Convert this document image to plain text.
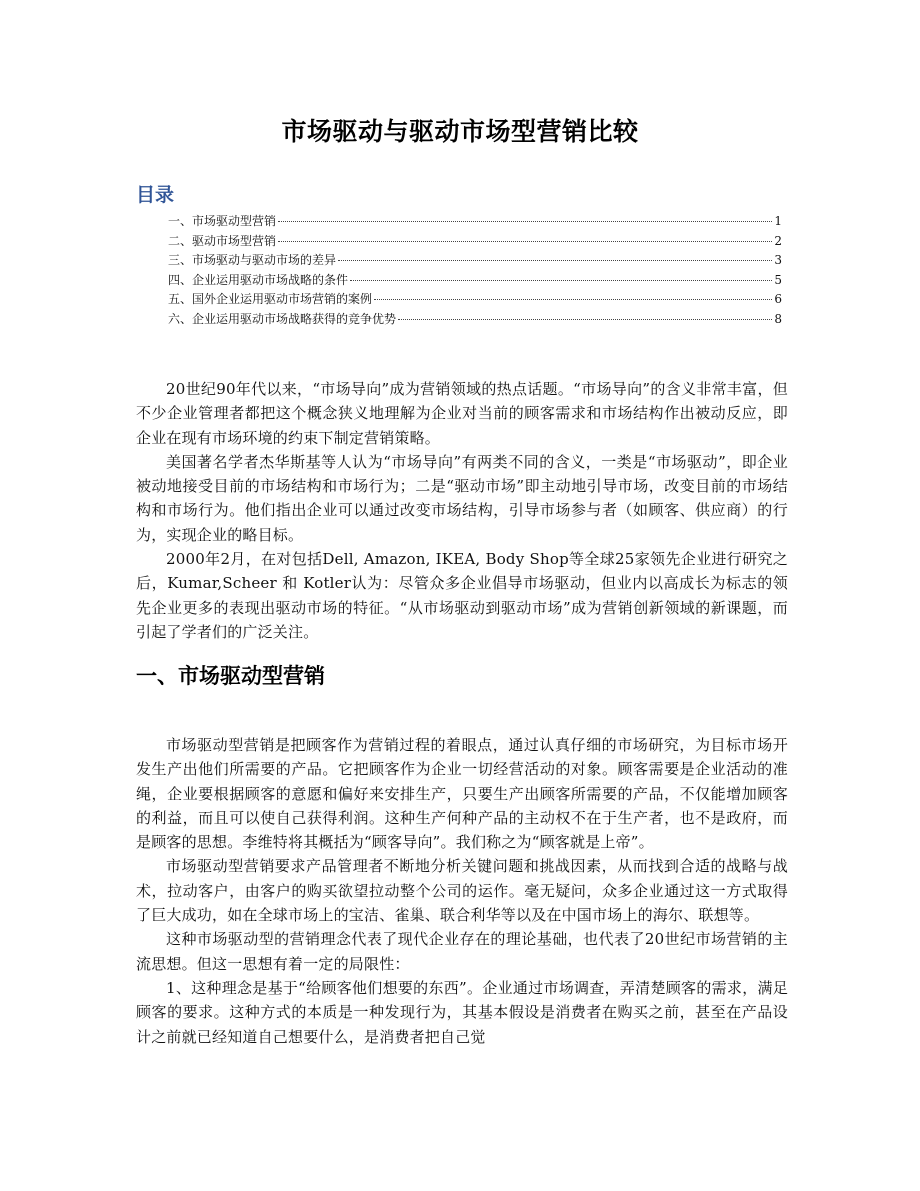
市场驱动与驱动市场型营销比较
目录
一、市场驱动型营销	1
二、驱动市场型营销	2
三、市场驱动与驱动市场的差异	3
四、企业运用驱动市场战略的条件	5
五、国外企业运用驱动市场营销的案例	6
六、企业运用驱动市场战略获得的竞争优势	8

20世纪90年代以来，“市场导向”成为营销领域的热点话题。“市场导向”的含义非常丰富，但不少企业管理者都把这个概念狭义地理解为企业对当前的顾客需求和市场结构作出被动反应，即企业在现有市场环境的约束下制定营销策略。

美国著名学者杰华斯基等人认为“市场导向”有两类不同的含义，一类是“市场驱动”，即企业被动地接受目前的市场结构和市场行为；二是“驱动市场”即主动地引导市场，改变目前的市场结构和市场行为。他们指出企业可以通过改变市场结构，引导市场参与者（如顾客、供应商）的行为，实现企业的略目标。

2000年2月，在对包括Dell, Amazon, IKEA, Body Shop等全球25家领先企业进行研究之后，Kumar,Scheer 和 Kotler认为：尽管众多企业倡导市场驱动，但业内以高成长为标志的领先企业更多的表现出驱动市场的特征。“从市场驱动到驱动市场”成为营销创新领域的新课题，而引起了学者们的广泛关注。

一、市场驱动型营销

市场驱动型营销是把顾客作为营销过程的着眼点，通过认真仔细的市场研究，为目标市场开发生产出他们所需要的产品。它把顾客作为企业一切经营活动的对象。顾客需要是企业活动的准绳，企业要根据顾客的意愿和偏好来安排生产，只要生产出顾客所需要的产品，不仅能增加顾客的利益，而且可以使自己获得利润。这种生产何种产品的主动权不在于生产者，也不是政府，而是顾客的思想。李维特将其概括为“顾客导向”。我们称之为“顾客就是上帝”。

市场驱动型营销要求产品管理者不断地分析关键问题和挑战因素，从而找到合适的战略与战术，拉动客户，由客户的购买欲望拉动整个公司的运作。毫无疑问，众多企业通过这一方式取得了巨大成功，如在全球市场上的宝洁、雀巢、联合利华等以及在中国市场上的海尔、联想等。

这种市场驱动型的营销理念代表了现代企业存在的理论基础，也代表了20世纪市场营销的主流思想。但这一思想有着一定的局限性：

1、这种理念是基于“给顾客他们想要的东西”。企业通过市场调查，弄清楚顾客的需求，满足顾客的要求。这种方式的本质是一种发现行为，其基本假设是消费者在购买之前，甚至在产品设计之前就已经知道自己想要什么，是消费者把自己觉
